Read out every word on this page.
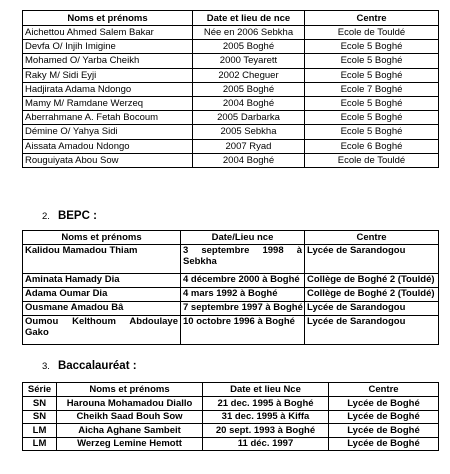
Noms et prénoms	Date et lieu de nce	Centre
Aichettou Ahmed Salem Bakar	Née en 2006 Sebkha	Ecole de Touldé
Devfa O/ Injih Imigine	2005 Boghé	Ecole 5 Boghé
Mohamed O/ Yarba Cheikh	2000 Teyarett	Ecole 5 Boghé
Raky M/ Sidi Eyji	2002 Cheguer	Ecole 5 Boghé
Hadjirata Adama Ndongo	2005 Boghé	Ecole 7 Boghé
Mamy M/ Ramdane Werzeq	2004 Boghé	Ecole 5 Boghé
Aberrahmane A. Fetah Bocoum	2005 Darbarka	Ecole 5 Boghé
Démine O/ Yahya Sidi	2005 Sebkha	Ecole 5 Boghé
Aissata Amadou Ndongo	2007 Ryad	Ecole 6 Boghé
Rouguiyata Abou Sow	2004 Boghé	Ecole de Touldé
2. BEPC :
Noms et prénoms	Date/Lieu nce	Centre
Kalidou Mamadou Thiam	3 septembre 1998 à Sebkha	Lycée de Sarandogou
Aminata Hamady Dia	4 décembre 2000 à Boghé	Collège de Boghé 2 (Touldé)
Adama Oumar Dia	4 mars 1992 à Boghé	Collège de Boghé 2 (Touldé)
Ousmane Amadou Bâ	7 septembre 1997 à Boghé	Lycée de Sarandogou
Oumou Kelthoum Abdoulaye Gako	10 octobre 1996 à Boghé	Lycée de Sarandogou
3. Baccalauréat :
Série	Noms et prénoms	Date et lieu Nce	Centre
SN	Harouna Mohamadou Diallo	21 dec. 1995 à Boghé	Lycée de Boghé
SN	Cheikh Saad Bouh Sow	31 dec. 1995 à Kiffa	Lycée de Boghé
LM	Aicha Aghane Sambeit	20 sept. 1993 à Boghé	Lycée de Boghé
LM	Werzeg Lemine Hemott	11 déc. 1997	Lycée de Boghé
